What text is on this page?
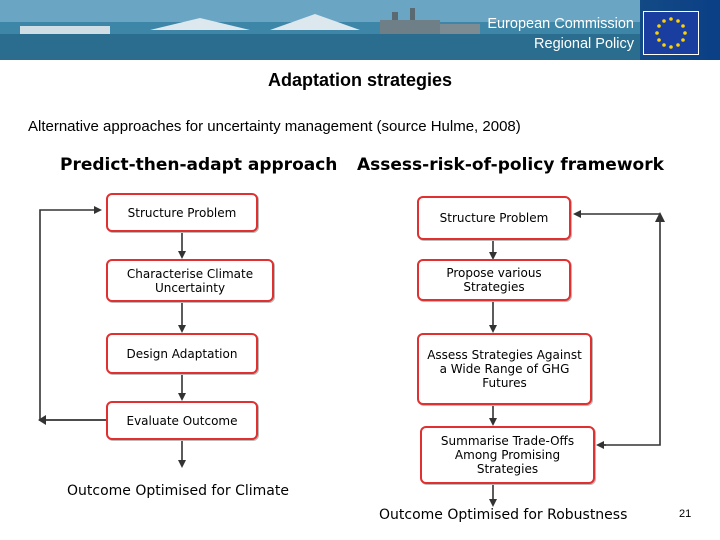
European Commission
Regional Policy
Adaptation strategies
Alternative approaches for uncertainty management (source Hulme, 2008)
Predict-then-adapt approach Assess-risk-of-policy framework
Structure Problem
Characterise Climate Uncertainty
Design Adaptation
Evaluate Outcome
Outcome Optimised for Climate
Structure Problem
Propose various Strategies
Assess Strategies Against a Wide Range of GHG Futures
Summarise Trade-Offs Among Promising Strategies
Outcome Optimised for Robustness	21
